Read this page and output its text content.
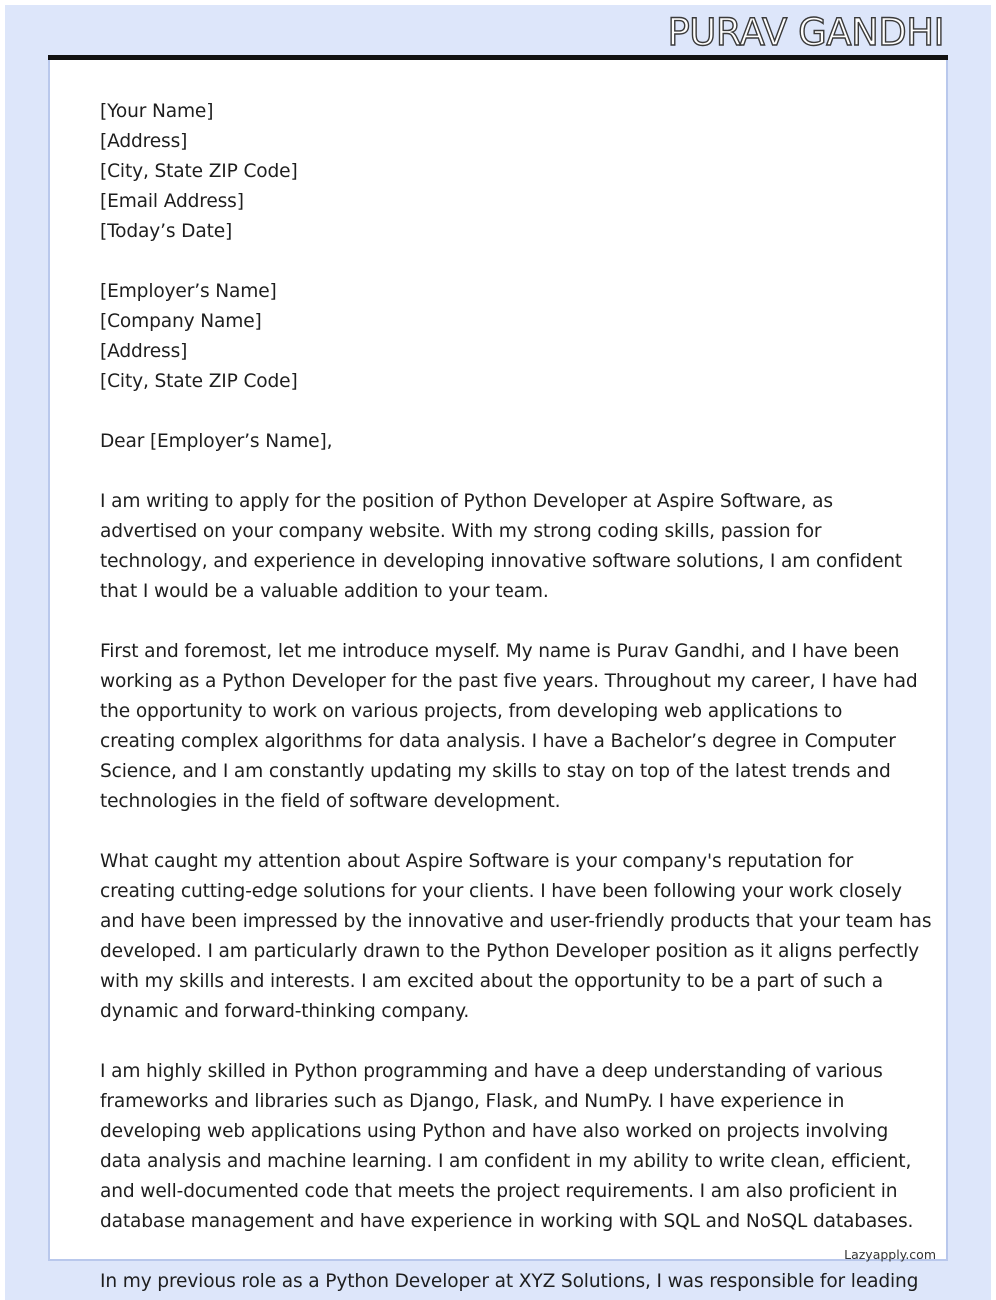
PURAV GANDHI
[Your Name]
[Address]
[City, State ZIP Code]
[Email Address]
[Today’s Date]
[Employer’s Name]
[Company Name]
[Address]
[City, State ZIP Code]
Dear [Employer’s Name],
I am writing to apply for the position of Python Developer at Aspire Software, as
advertised on your company website. With my strong coding skills, passion for
technology, and experience in developing innovative software solutions, I am confident
that I would be a valuable addition to your team.
First and foremost, let me introduce myself. My name is Purav Gandhi, and I have been
working as a Python Developer for the past five years. Throughout my career, I have had
the opportunity to work on various projects, from developing web applications to
creating complex algorithms for data analysis. I have a Bachelor’s degree in Computer
Science, and I am constantly updating my skills to stay on top of the latest trends and
technologies in the field of software development.
What caught my attention about Aspire Software is your company's reputation for
creating cutting-edge solutions for your clients. I have been following your work closely
and have been impressed by the innovative and user-friendly products that your team has
developed. I am particularly drawn to the Python Developer position as it aligns perfectly
with my skills and interests. I am excited about the opportunity to be a part of such a
dynamic and forward-thinking company.
I am highly skilled in Python programming and have a deep understanding of various
frameworks and libraries such as Django, Flask, and NumPy. I have experience in
developing web applications using Python and have also worked on projects involving
data analysis and machine learning. I am confident in my ability to write clean, efficient,
and well-documented code that meets the project requirements. I am also proficient in
database management and have experience in working with SQL and NoSQL databases.
Lazyapply.com
In my previous role as a Python Developer at XYZ Solutions, I was responsible for leading
